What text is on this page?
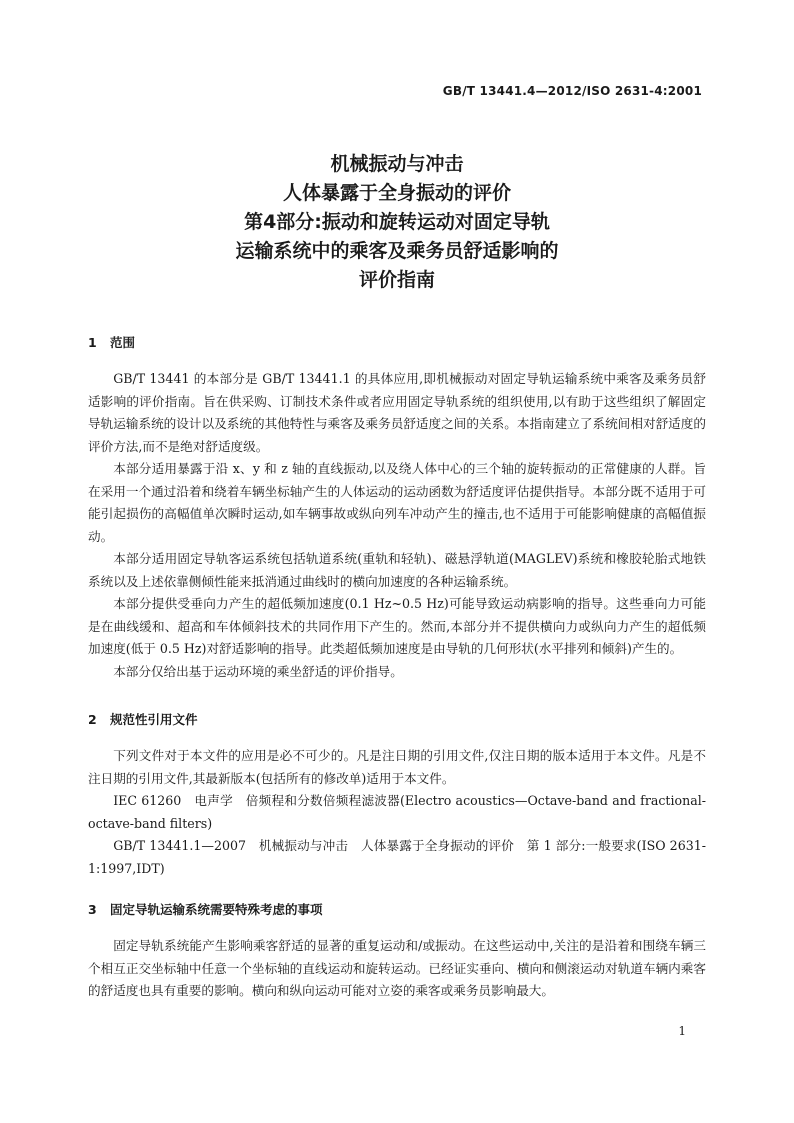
GB/T 13441.4—2012/ISO 2631-4:2001
机械振动与冲击
人体暴露于全身振动的评价
第4部分:振动和旋转运动对固定导轨
运输系统中的乘客及乘务员舒适影响的
评价指南
1 范围

GB/T 13441 的本部分是 GB/T 13441.1 的具体应用,即机械振动对固定导轨运输系统中乘客及乘务员舒适影响的评价指南。旨在供采购、订制技术条件或者应用固定导轨系统的组织使用,以有助于这些组织了解固定导轨运输系统的设计以及系统的其他特性与乘客及乘务员舒适度之间的关系。本指南建立了系统间相对舒适度的评价方法,而不是绝对舒适度级。

本部分适用暴露于沿 x、y 和 z 轴的直线振动,以及绕人体中心的三个轴的旋转振动的正常健康的人群。旨在采用一个通过沿着和绕着车辆坐标轴产生的人体运动的运动函数为舒适度评估提供指导。本部分既不适用于可能引起损伤的高幅值单次瞬时运动,如车辆事故或纵向列车冲动产生的撞击,也不适用于可能影响健康的高幅值振动。

本部分适用固定导轨客运系统包括轨道系统(重轨和轻轨)、磁悬浮轨道(MAGLEV)系统和橡胶轮胎式地铁系统以及上述依靠侧倾性能来抵消通过曲线时的横向加速度的各种运输系统。

本部分提供受垂向力产生的超低频加速度(0.1 Hz~0.5 Hz)可能导致运动病影响的指导。这些垂向力可能是在曲线缓和、超高和车体倾斜技术的共同作用下产生的。然而,本部分并不提供横向力或纵向力产生的超低频加速度(低于 0.5 Hz)对舒适影响的指导。此类超低频加速度是由导轨的几何形状(水平排列和倾斜)产生的。

本部分仅给出基于运动环境的乘坐舒适的评价指导。

2 规范性引用文件

下列文件对于本文件的应用是必不可少的。凡是注日期的引用文件,仅注日期的版本适用于本文件。凡是不注日期的引用文件,其最新版本(包括所有的修改单)适用于本文件。

IEC 61260　电声学　倍频程和分数倍频程滤波器(Electro acoustics—Octave-band and fractional-octave-band filters)

GB/T 13441.1—2007　机械振动与冲击　人体暴露于全身振动的评价　第 1 部分:一般要求(ISO 2631-1:1997,IDT)

3 固定导轨运输系统需要特殊考虑的事项

固定导轨系统能产生影响乘客舒适的显著的重复运动和/或振动。在这些运动中,关注的是沿着和围绕车辆三个相互正交坐标轴中任意一个坐标轴的直线运动和旋转运动。已经证实垂向、横向和侧滚运动对轨道车辆内乘客的舒适度也具有重要的影响。横向和纵向运动可能对立姿的乘客或乘务员影响最大。

1
